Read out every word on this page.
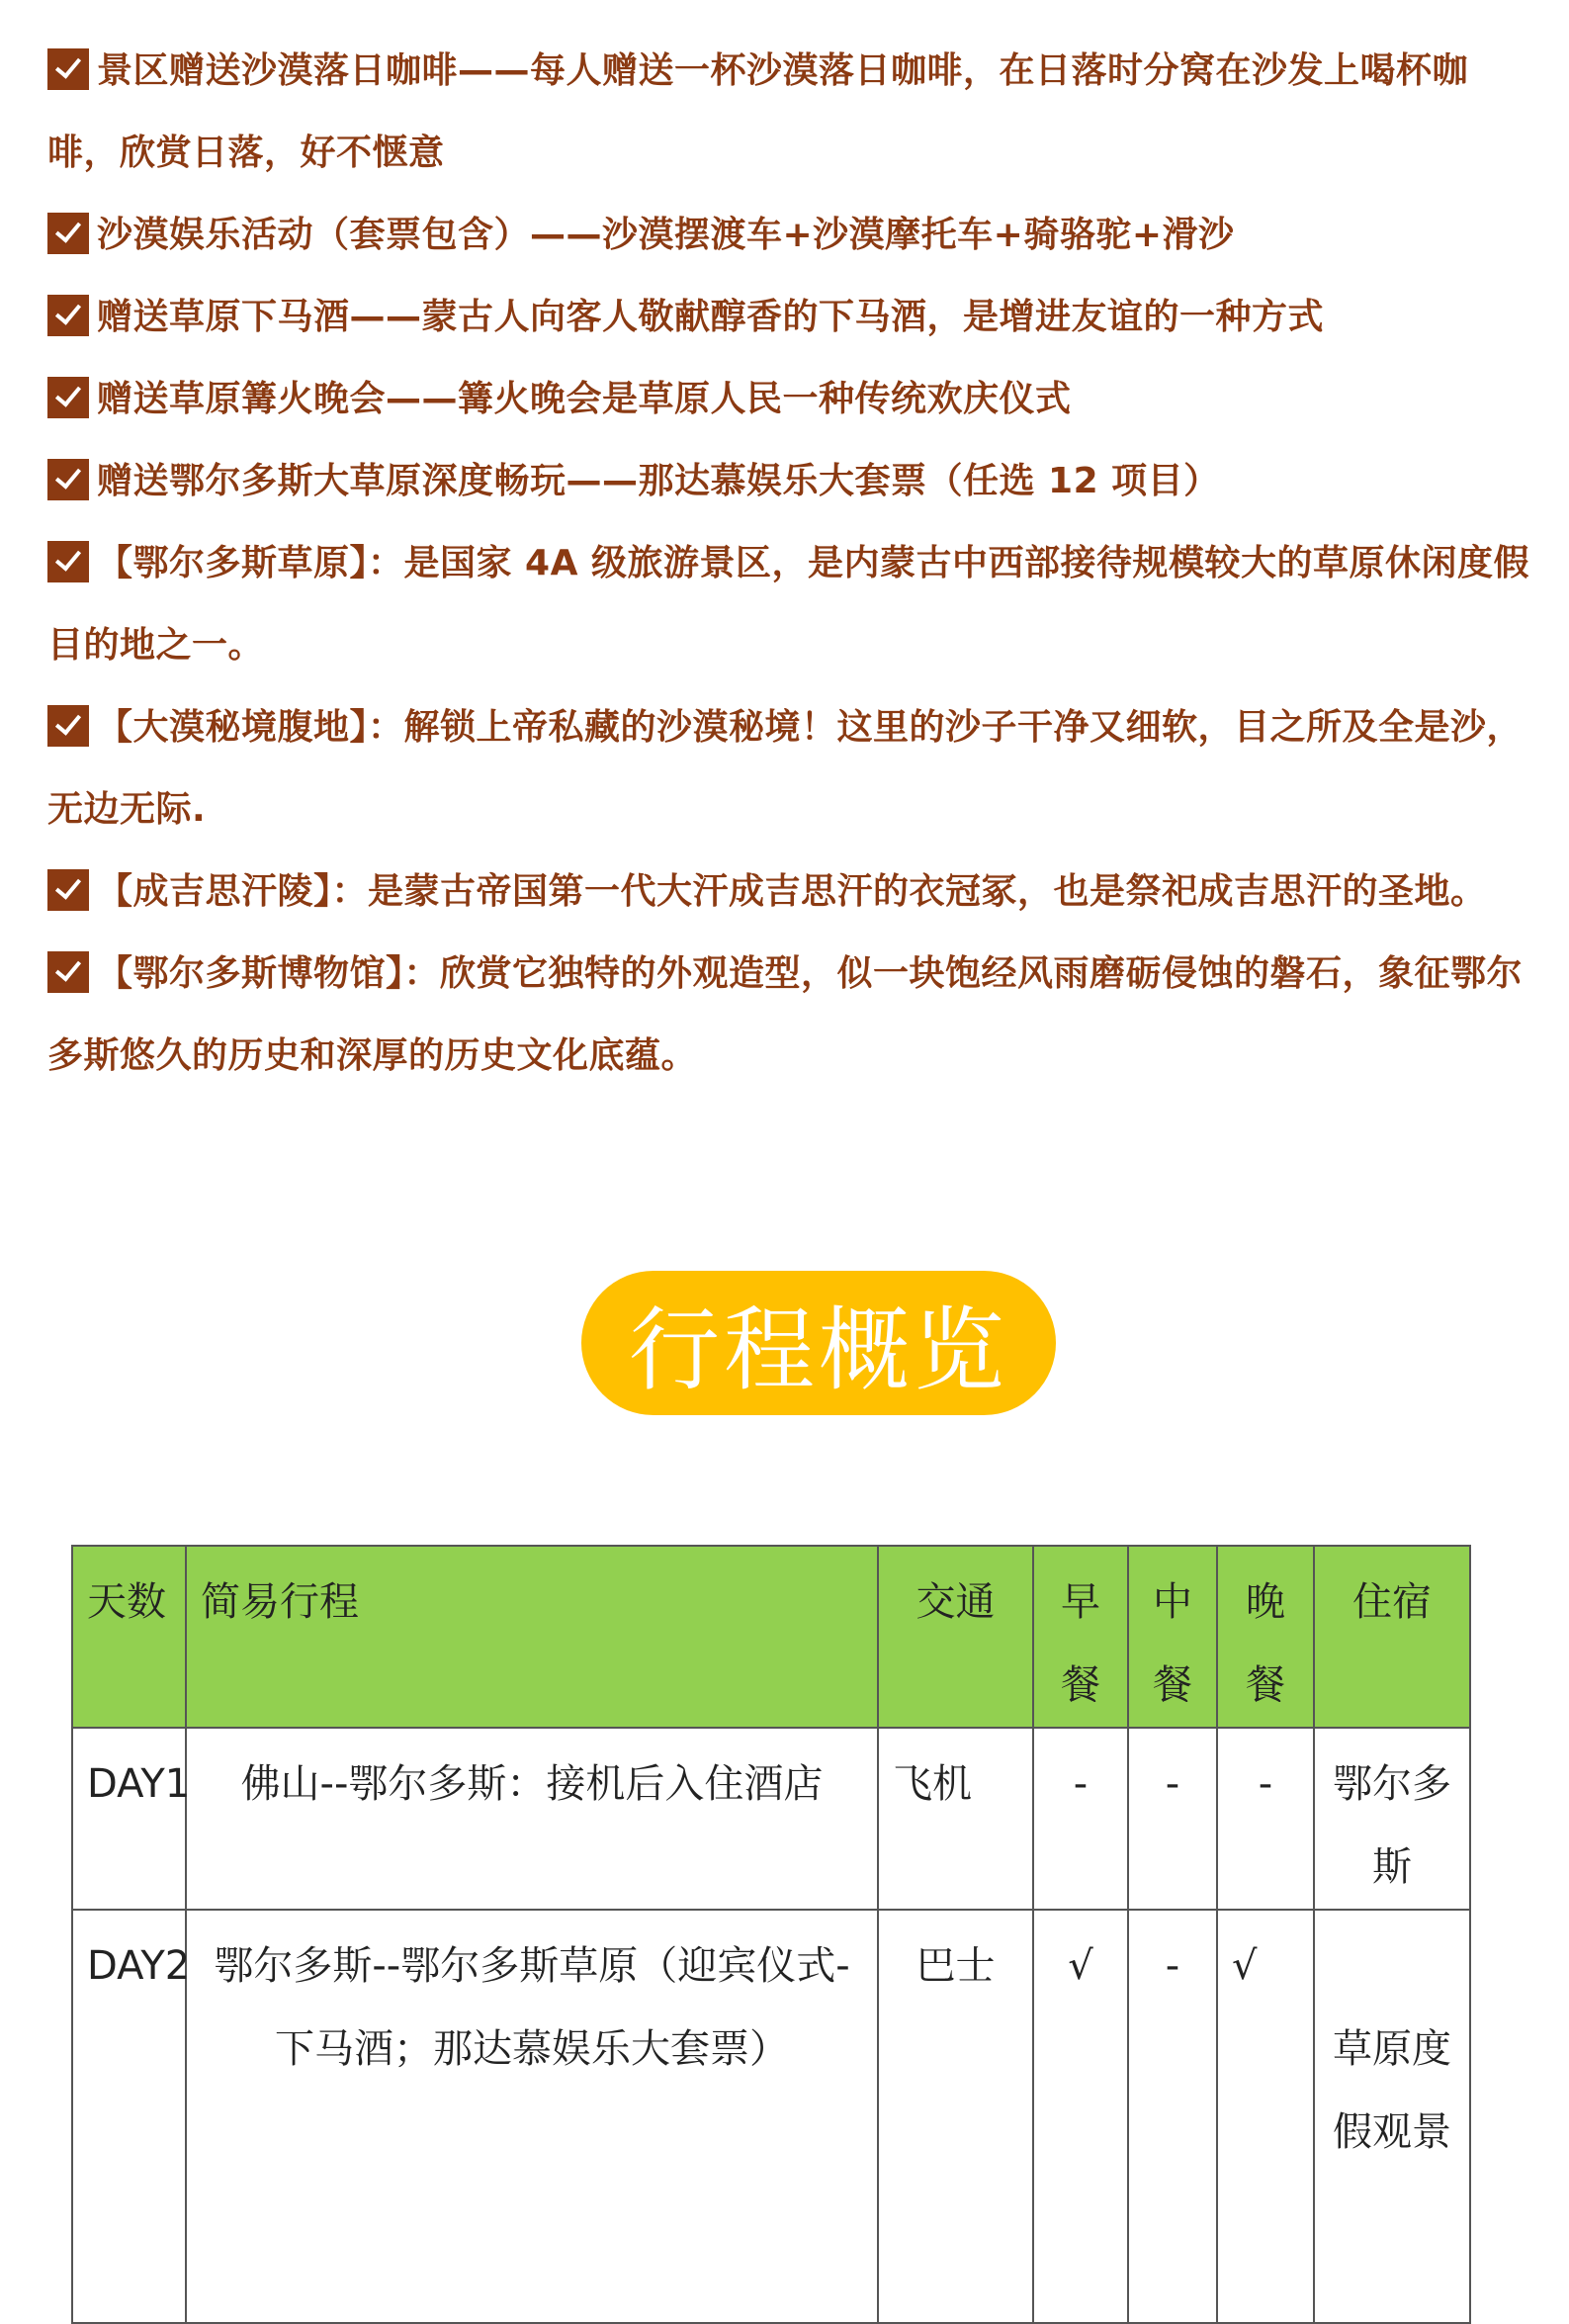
景区赠送沙漠落日咖啡——每人赠送一杯沙漠落日咖啡，在日落时分窝在沙发上喝杯咖啡，欣赏日落，好不惬意

沙漠娱乐活动（套票包含）——沙漠摆渡车+沙漠摩托车+骑骆驼+滑沙

赠送草原下马酒——蒙古人向客人敬献醇香的下马酒，是增进友谊的一种方式

赠送草原篝火晚会——篝火晚会是草原人民一种传统欢庆仪式

赠送鄂尔多斯大草原深度畅玩——那达慕娱乐大套票（任选 12 项目）

【鄂尔多斯草原】：是国家 4A 级旅游景区，是内蒙古中西部接待规模较大的草原休闲度假目的地之一。

【大漠秘境腹地】：解锁上帝私藏的沙漠秘境！这里的沙子干净又细软，目之所及全是沙，无边无际.

【成吉思汗陵】：是蒙古帝国第一代大汗成吉思汗的衣冠冢，也是祭祀成吉思汗的圣地。

【鄂尔多斯博物馆】：欣赏它独特的外观造型，似一块饱经风雨磨砺侵蚀的磐石，象征鄂尔多斯悠久的历史和深厚的历史文化底蕴。

行程概览
天数	简易行程	交通	早餐	中餐	晚餐	住宿
DAY1	佛山--鄂尔多斯：接机后入住酒店	飞机	-	-	-	鄂尔多斯
DAY2	鄂尔多斯--鄂尔多斯草原（迎宾仪式-下马酒；那达慕娱乐大套票）	巴士	√	-	√	草原度假观景
